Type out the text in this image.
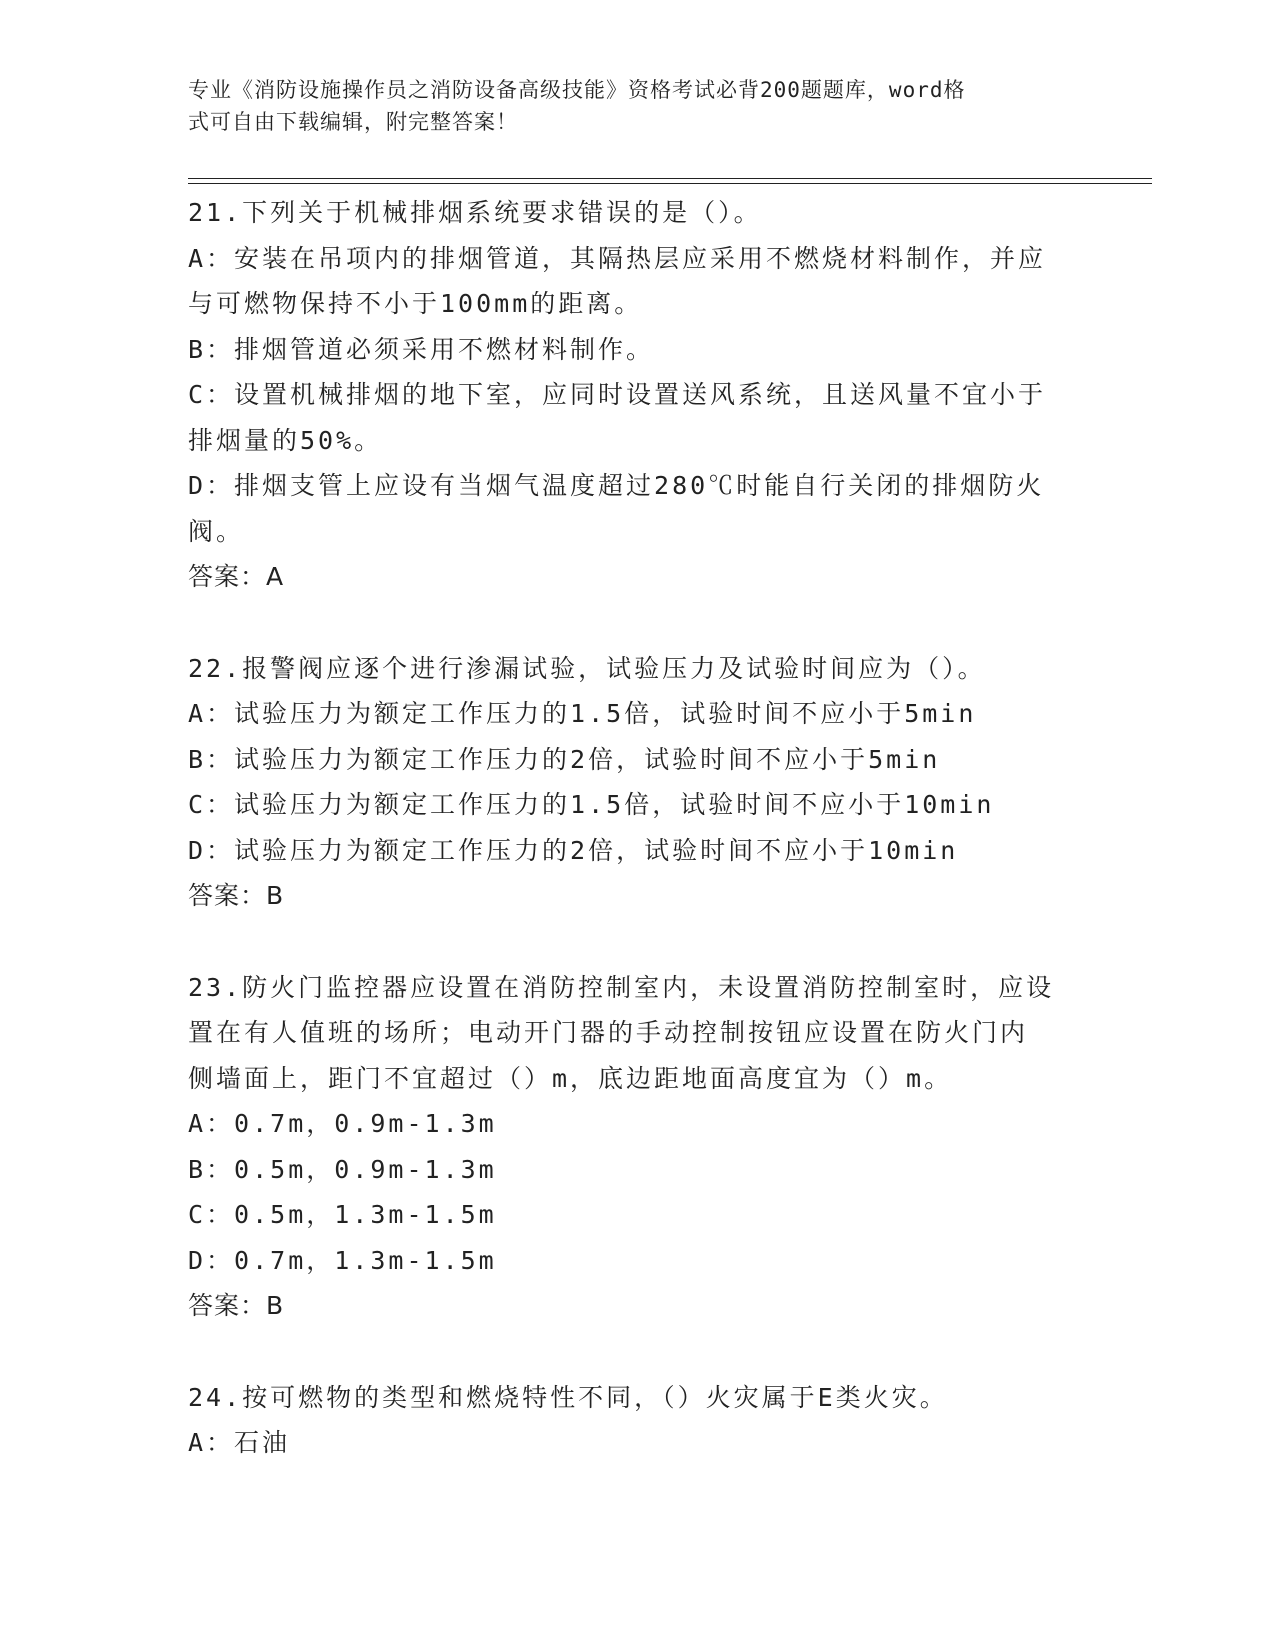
专业《消防设施操作员之消防设备高级技能》资格考试必背200题题库，word格
式可自由下载编辑，附完整答案！
21.下列关于机械排烟系统要求错误的是（）。
A：安装在吊项内的排烟管道，其隔热层应采用不燃烧材料制作，并应
与可燃物保持不小于100mm的距离。
B：排烟管道必须采用不燃材料制作。
C：设置机械排烟的地下室，应同时设置送风系统，且送风量不宜小于
排烟量的50%。
D：排烟支管上应设有当烟气温度超过280℃时能自行关闭的排烟防火
阀。
答案：A
22.报警阀应逐个进行渗漏试验，试验压力及试验时间应为（）。
A：试验压力为额定工作压力的1.5倍，试验时间不应小于5min
B：试验压力为额定工作压力的2倍，试验时间不应小于5min
C：试验压力为额定工作压力的1.5倍，试验时间不应小于10min
D：试验压力为额定工作压力的2倍，试验时间不应小于10min
答案：B
23.防火门监控器应设置在消防控制室内，未设置消防控制室时，应设
置在有人值班的场所；电动开门器的手动控制按钮应设置在防火门内
侧墙面上，距门不宜超过（）m，底边距地面高度宜为（）m。
A：0.7m，0.9m-1.3m
B：0.5m，0.9m-1.3m
C：0.5m，1.3m-1.5m
D：0.7m，1.3m-1.5m
答案：B
24.按可燃物的类型和燃烧特性不同，（）火灾属于E类火灾。
A：石油
